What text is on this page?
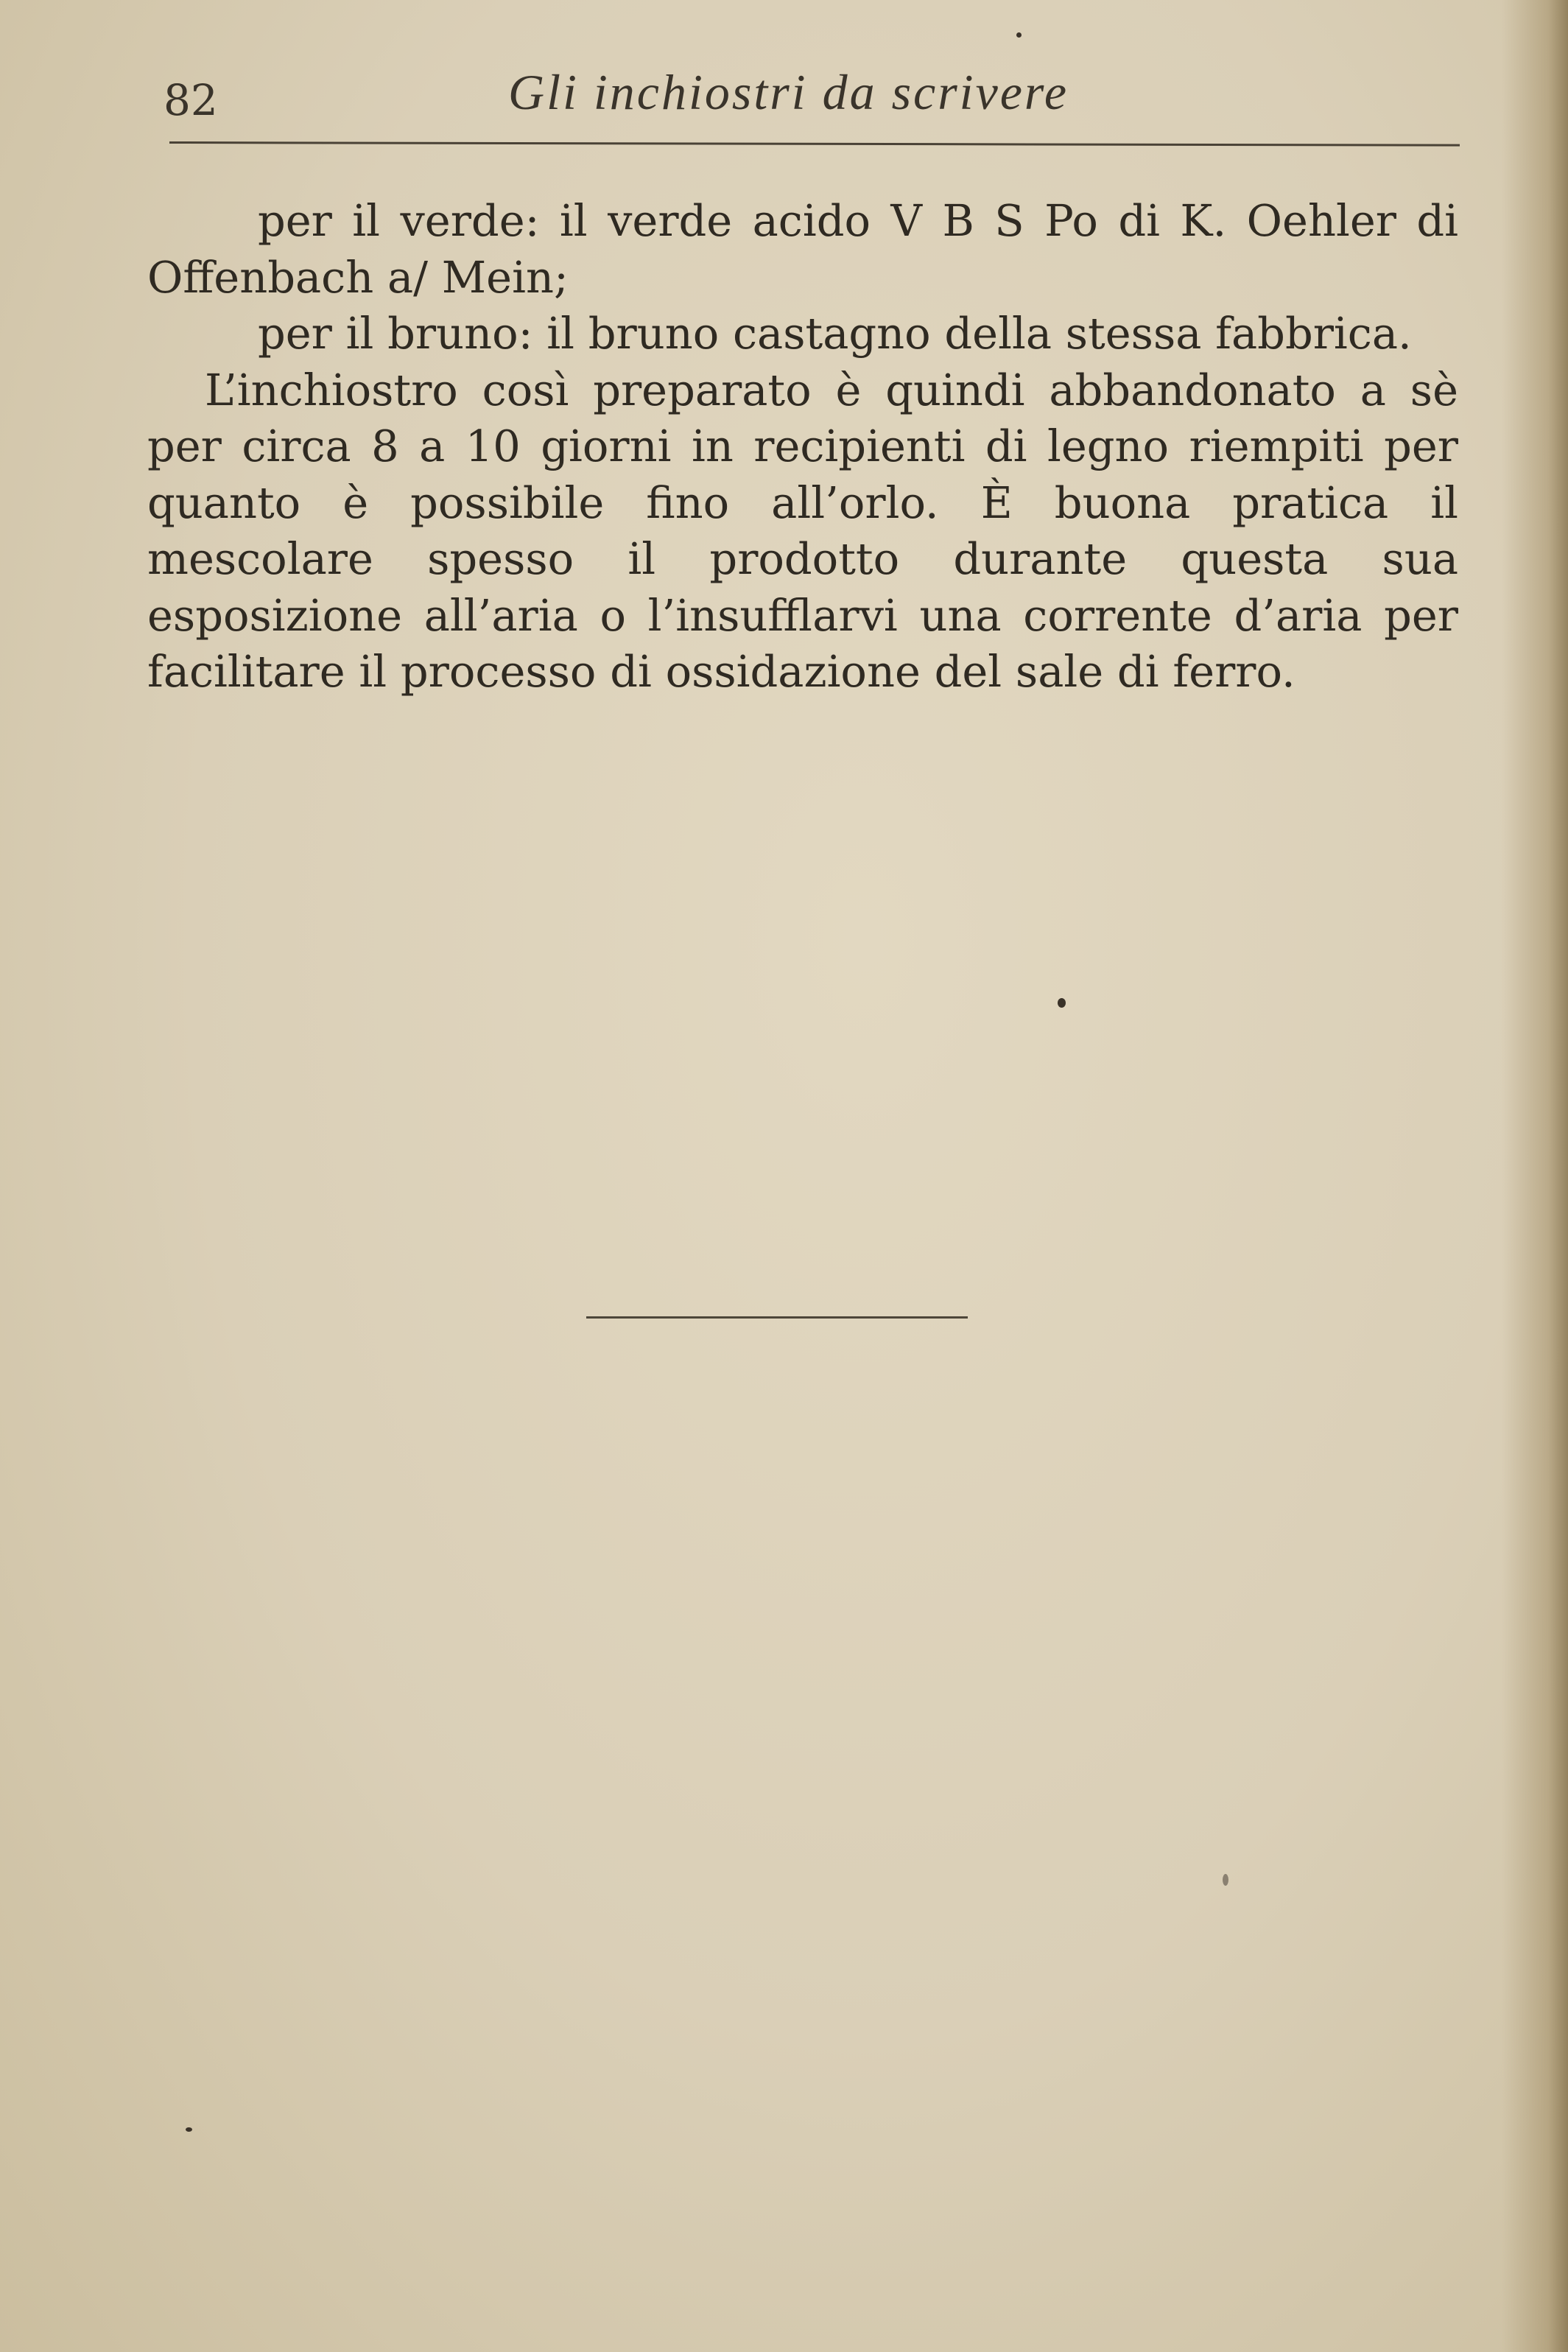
82	Gli inchiostri da scrivere

per il verde: il verde acido V B S Po di K. Oehler di Offenbach a/ Mein;

per il bruno: il bruno castagno della stessa fabbrica.

L’inchiostro così preparato è quindi abbandonato a sè per circa 8 a 10 giorni in recipienti di legno riempiti per quanto è possibile fino all’orlo. È buona pratica il mescolare spesso il prodotto durante questa sua esposizione all’aria o l’insufflarvi una corrente d’aria per facilitare il processo di ossidazione del sale di ferro.
